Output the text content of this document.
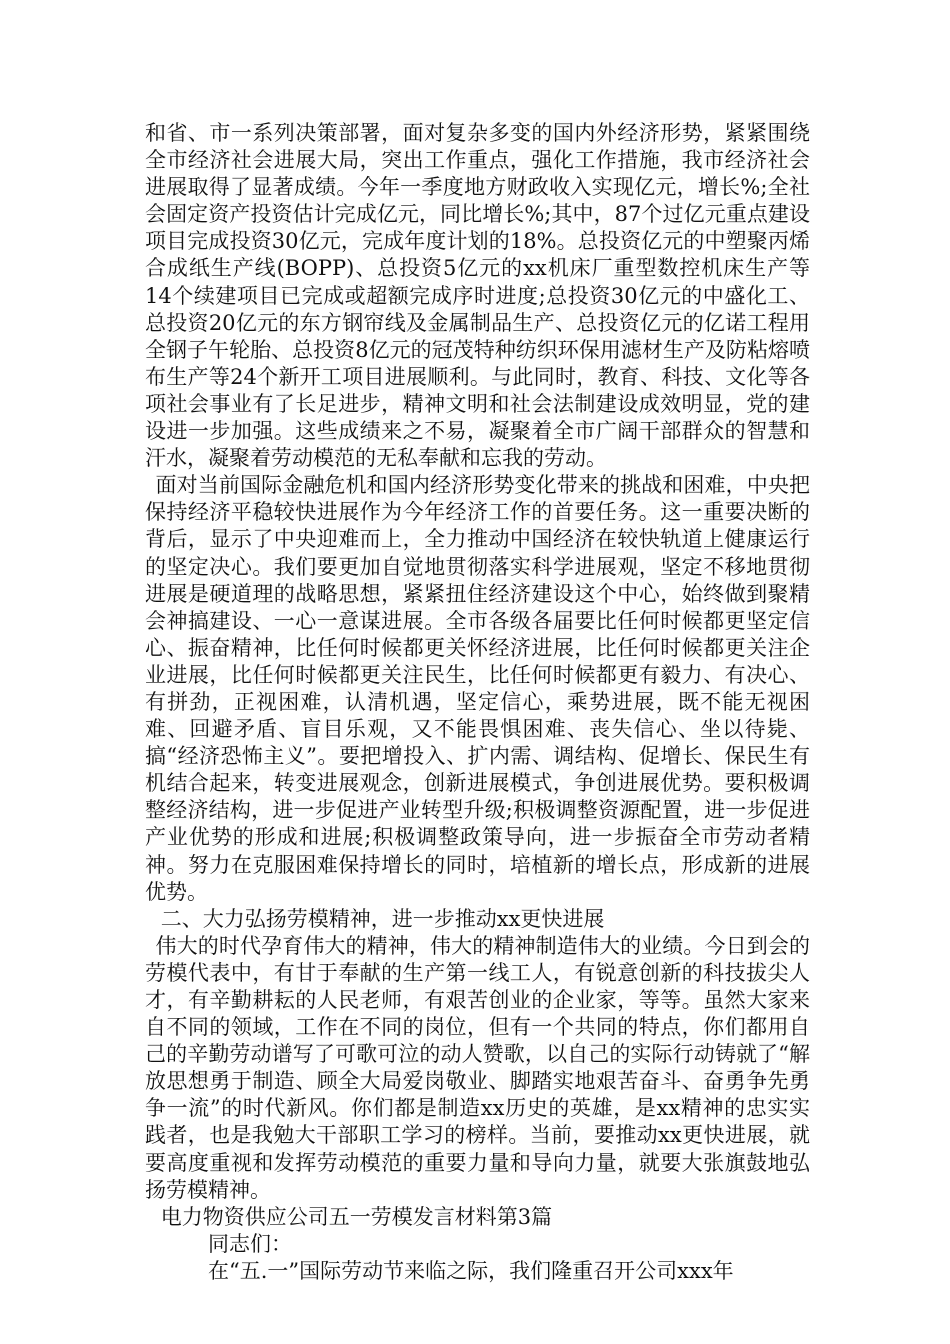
和省、市一系列决策部署，面对复杂多变的国内外经济形势，紧紧围绕全市经济社会进展大局，突出工作重点，强化工作措施，我市经济社会进展取得了显著成绩。今年一季度地方财政收入实现亿元，增长%;全社会固定资产投资估计完成亿元，同比增长%;其中，87个过亿元重点建设项目完成投资30亿元，完成年度计划的18%。总投资亿元的中塑聚丙烯合成纸生产线(BOPP)、总投资5亿元的xx机床厂重型数控机床生产等14个续建项目已完成或超额完成序时进度;总投资30亿元的中盛化工、总投资20亿元的东方钢帘线及金属制品生产、总投资亿元的亿诺工程用全钢子午轮胎、总投资8亿元的冠茂特种纺织环保用滤材生产及防粘熔喷布生产等24个新开工项目进展顺利。与此同时，教育、科技、文化等各项社会事业有了长足进步，精神文明和社会法制建设成效明显，党的建设进一步加强。这些成绩来之不易，凝聚着全市广阔干部群众的智慧和汗水，凝聚着劳动模范的无私奉献和忘我的劳动。

面对当前国际金融危机和国内经济形势变化带来的挑战和困难，中央把保持经济平稳较快进展作为今年经济工作的首要任务。这一重要决断的背后，显示了中央迎难而上，全力推动中国经济在较快轨道上健康运行的坚定决心。我们要更加自觉地贯彻落实科学进展观，坚定不移地贯彻进展是硬道理的战略思想，紧紧扭住经济建设这个中心，始终做到聚精会神搞建设、一心一意谋进展。全市各级各届要比任何时候都更坚定信心、振奋精神，比任何时候都更关怀经济进展，比任何时候都更关注企业进展，比任何时候都更关注民生，比任何时候都更有毅力、有决心、有拼劲，正视困难，认清机遇，坚定信心，乘势进展，既不能无视困难、回避矛盾、盲目乐观，又不能畏惧困难、丧失信心、坐以待毙、搞“经济恐怖主义”。要把增投入、扩内需、调结构、促增长、保民生有机结合起来，转变进展观念，创新进展模式，争创进展优势。要积极调整经济结构，进一步促进产业转型升级;积极调整资源配置，进一步促进产业优势的形成和进展;积极调整政策导向，进一步振奋全市劳动者精神。努力在克服困难保持增长的同时，培植新的增长点，形成新的进展优势。

二、大力弘扬劳模精神，进一步推动xx更快进展

伟大的时代孕育伟大的精神，伟大的精神制造伟大的业绩。今日到会的劳模代表中，有甘于奉献的生产第一线工人，有锐意创新的科技拔尖人才，有辛勤耕耘的人民老师，有艰苦创业的企业家，等等。虽然大家来自不同的领域，工作在不同的岗位，但有一个共同的特点，你们都用自己的辛勤劳动谱写了可歌可泣的动人赞歌，以自己的实际行动铸就了“解放思想勇于制造、顾全大局爱岗敬业、脚踏实地艰苦奋斗、奋勇争先勇争一流”的时代新风。你们都是制造xx历史的英雄，是xx精神的忠实实践者，也是我勉大干部职工学习的榜样。当前，要推动xx更快进展，就要高度重视和发挥劳动模范的重要力量和导向力量，就要大张旗鼓地弘扬劳模精神。

电力物资供应公司五一劳模发言材料第3篇

同志们：

在“五.一”国际劳动节来临之际，我们隆重召开公司xxx年
